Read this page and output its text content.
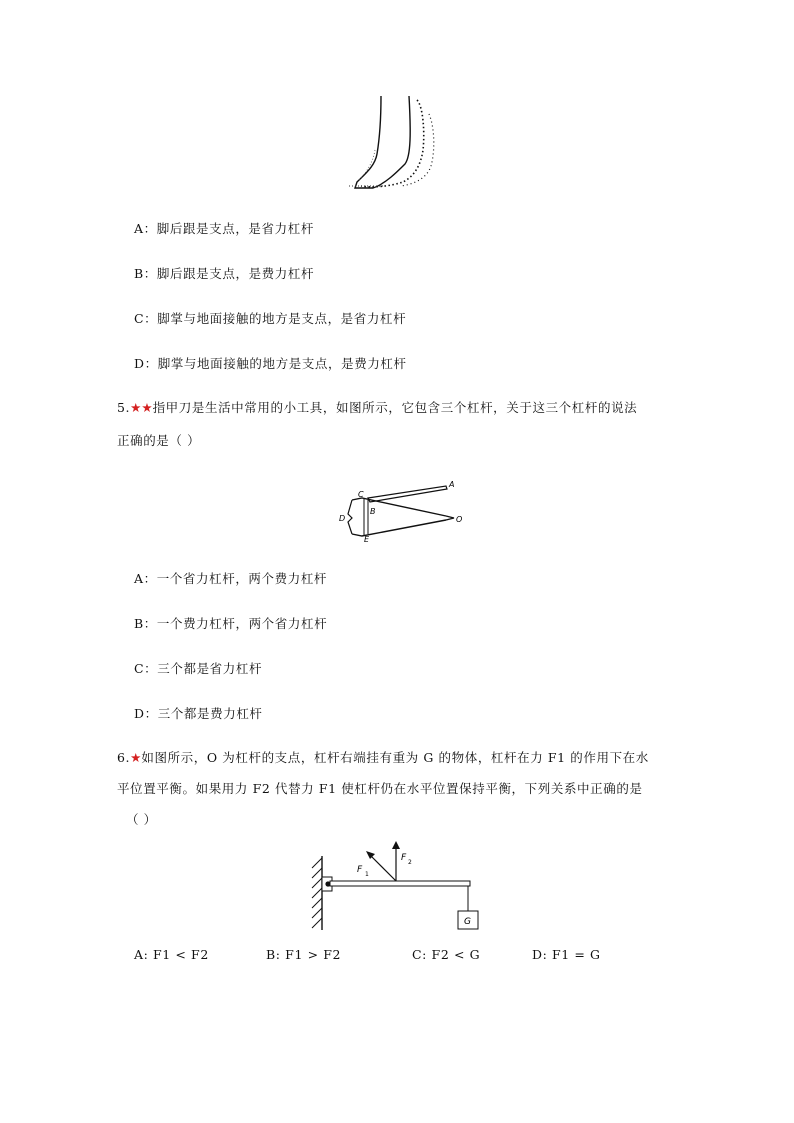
A：脚后跟是支点，是省力杠杆
B：脚后跟是支点，是费力杠杆
C：脚掌与地面接触的地方是支点，是省力杠杆
D：脚掌与地面接触的地方是支点，是费力杠杆
5.★★指甲刀是生活中常用的小工具，如图所示，它包含三个杠杆，关于这三个杠杆的说法
正确的是（ ）
C
A
B
D
E
O
A：一个省力杠杆，两个费力杠杆
B：一个费力杠杆，两个省力杠杆
C：三个都是省力杠杆
D：三个都是费力杠杆
6.★如图所示，O 为杠杆的支点，杠杆右端挂有重为 G 的物体，杠杆在力 F1 的作用下在水
平位置平衡。如果用力 F2 代替力 F1 使杠杆仍在水平位置保持平衡，下列关系中正确的是
（ ）
G
F 1
F 2
A: F1 < F2	B: F1 > F2	C: F2 < G	D: F1 = G
